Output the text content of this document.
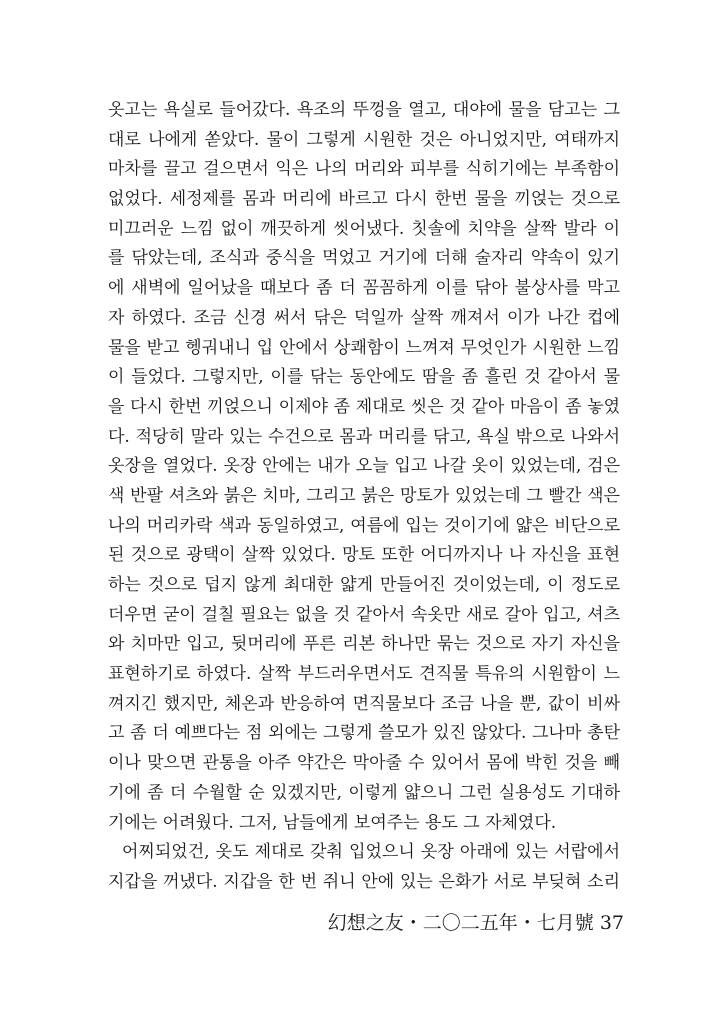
옷고는 욕실로 들어갔다. 욕조의 뚜껑을 열고, 대야에 물을 담고는 그
대로 나에게 쏟았다. 물이 그렇게 시원한 것은 아니었지만, 여태까지
마차를 끌고 걸으면서 익은 나의 머리와 피부를 식히기에는 부족함이
없었다. 세정제를 몸과 머리에 바르고 다시 한번 물을 끼얹는 것으로
미끄러운 느낌 없이 깨끗하게 씻어냈다. 칫솔에 치약을 살짝 발라 이
를 닦았는데, 조식과 중식을 먹었고 거기에 더해 술자리 약속이 있기
에 새벽에 일어났을 때보다 좀 더 꼼꼼하게 이를 닦아 불상사를 막고
자 하였다. 조금 신경 써서 닦은 덕일까 살짝 깨져서 이가 나간 컵에
물을 받고 헹궈내니 입 안에서 상쾌함이 느껴져 무엇인가 시원한 느낌
이 들었다. 그렇지만, 이를 닦는 동안에도 땀을 좀 흘린 것 같아서 물
을 다시 한번 끼얹으니 이제야 좀 제대로 씻은 것 같아 마음이 좀 놓였
다. 적당히 말라 있는 수건으로 몸과 머리를 닦고, 욕실 밖으로 나와서
옷장을 열었다. 옷장 안에는 내가 오늘 입고 나갈 옷이 있었는데, 검은
색 반팔 셔츠와 붉은 치마, 그리고 붉은 망토가 있었는데 그 빨간 색은
나의 머리카락 색과 동일하였고, 여름에 입는 것이기에 얇은 비단으로
된 것으로 광택이 살짝 있었다. 망토 또한 어디까지나 나 자신을 표현
하는 것으로 덥지 않게 최대한 얇게 만들어진 것이었는데, 이 정도로
더우면 굳이 걸칠 필요는 없을 것 같아서 속옷만 새로 갈아 입고, 셔츠
와 치마만 입고, 뒷머리에 푸른 리본 하나만 묶는 것으로 자기 자신을
표현하기로 하였다. 살짝 부드러우면서도 견직물 특유의 시원함이 느
껴지긴 했지만, 체온과 반응하여 면직물보다 조금 나을 뿐, 값이 비싸
고 좀 더 예쁘다는 점 외에는 그렇게 쓸모가 있진 않았다. 그나마 총탄
이나 맞으면 관통을 아주 약간은 막아줄 수 있어서 몸에 박힌 것을 빼
기에 좀 더 수월할 순 있겠지만, 이렇게 얇으니 그런 실용성도 기대하
기에는 어려웠다. 그저, 남들에게 보여주는 용도 그 자체였다.
어찌되었건, 옷도 제대로 갖춰 입었으니 옷장 아래에 있는 서랍에서
지갑을 꺼냈다. 지갑을 한 번 쥐니 안에 있는 은화가 서로 부딪혀 소리
幻想之友・二〇二五年・七月號 37
